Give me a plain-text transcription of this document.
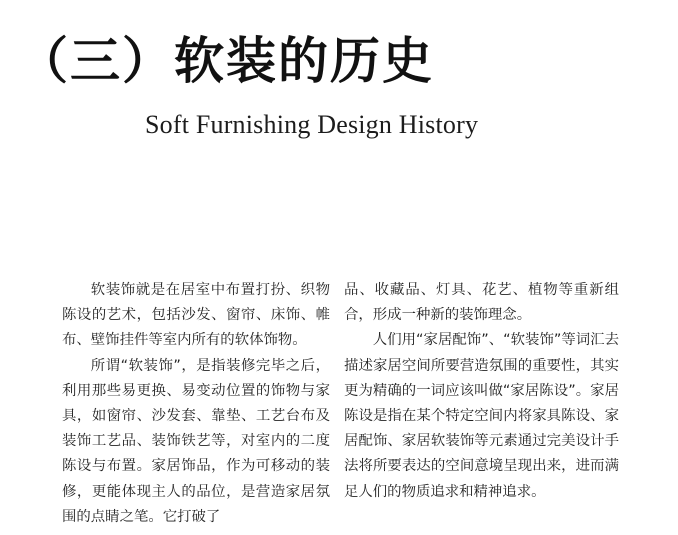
（三）软装的历史
Soft Furnishing Design History

软装饰就是在居室中布置打扮、织物陈设的艺术，包括沙发、窗帘、床饰、帷布、壁饰挂件等室内所有的软体饰物。

所谓“软装饰”，是指装修完毕之后，利用那些易更换、易变动位置的饰物与家具，如窗帘、沙发套、靠垫、工艺台布及装饰工艺品、装饰铁艺等，对室内的二度陈设与布置。家居饰品，作为可移动的装修，更能体现主人的品位，是营造家居氛围的点睛之笔。它打破了

品、收藏品、灯具、花艺、植物等重新组合，形成一种新的装饰理念。

人们用“家居配饰”、“软装饰”等词汇去描述家居空间所要营造氛围的重要性，其实更为精确的一词应该叫做“家居陈设”。家居陈设是指在某个特定空间内将家具陈设、家居配饰、家居软装饰等元素通过完美设计手法将所要表达的空间意境呈现出来，进而满足人们的物质追求和精神追求。
